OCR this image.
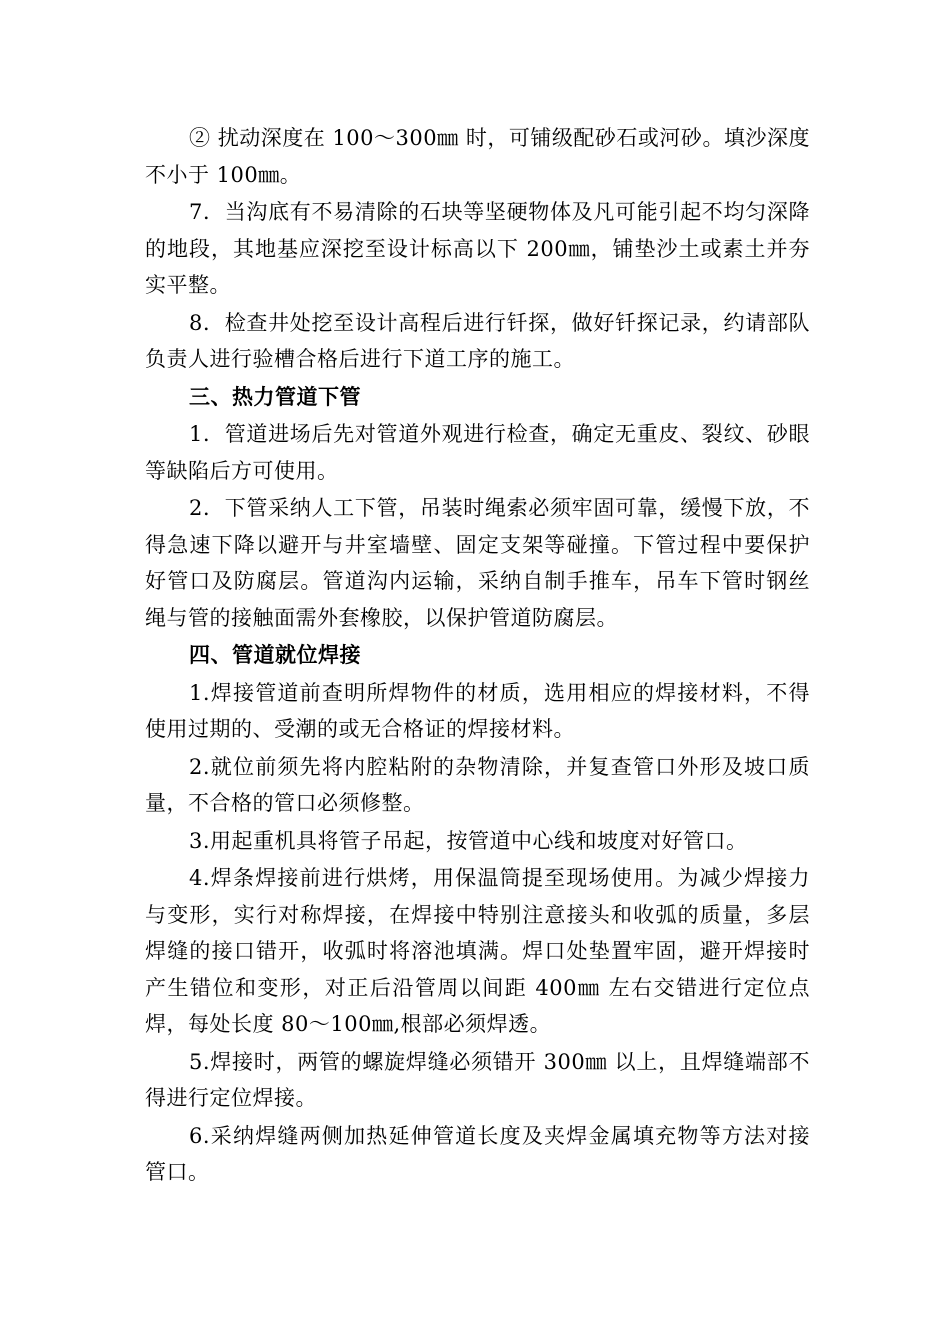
② 扰动深度在 100～300㎜ 时，可铺级配砂石或河砂。填沙深度不小于 100㎜。

7．当沟底有不易清除的石块等坚硬物体及凡可能引起不均匀深降的地段，其地基应深挖至设计标高以下 200㎜，铺垫沙土或素土并夯实平整。

8．检查井处挖至设计高程后进行钎探，做好钎探记录，约请部队负责人进行验槽合格后进行下道工序的施工。

三、热力管道下管

1．管道进场后先对管道外观进行检查，确定无重皮、裂纹、砂眼等缺陷后方可使用。

2．下管采纳人工下管，吊装时绳索必须牢固可靠，缓慢下放，不得急速下降以避开与井室墙壁、固定支架等碰撞。下管过程中要保护好管口及防腐层。管道沟内运输，采纳自制手推车，吊车下管时钢丝绳与管的接触面需外套橡胶，以保护管道防腐层。

四、管道就位焊接

1.焊接管道前查明所焊物件的材质，选用相应的焊接材料，不得使用过期的、受潮的或无合格证的焊接材料。

2.就位前须先将内腔粘附的杂物清除，并复查管口外形及坡口质量，不合格的管口必须修整。

3.用起重机具将管子吊起，按管道中心线和坡度对好管口。

4.焊条焊接前进行烘烤，用保温筒提至现场使用。为减少焊接力与变形，实行对称焊接，在焊接中特别注意接头和收弧的质量，多层焊缝的接口错开，收弧时将溶池填满。焊口处垫置牢固，避开焊接时产生错位和变形，对正后沿管周以间距 400㎜ 左右交错进行定位点焊，每处长度 80～100㎜,根部必须焊透。

5.焊接时，两管的螺旋焊缝必须错开 300㎜ 以上，且焊缝端部不得进行定位焊接。

6.采纳焊缝两侧加热延伸管道长度及夹焊金属填充物等方法对接管口。
